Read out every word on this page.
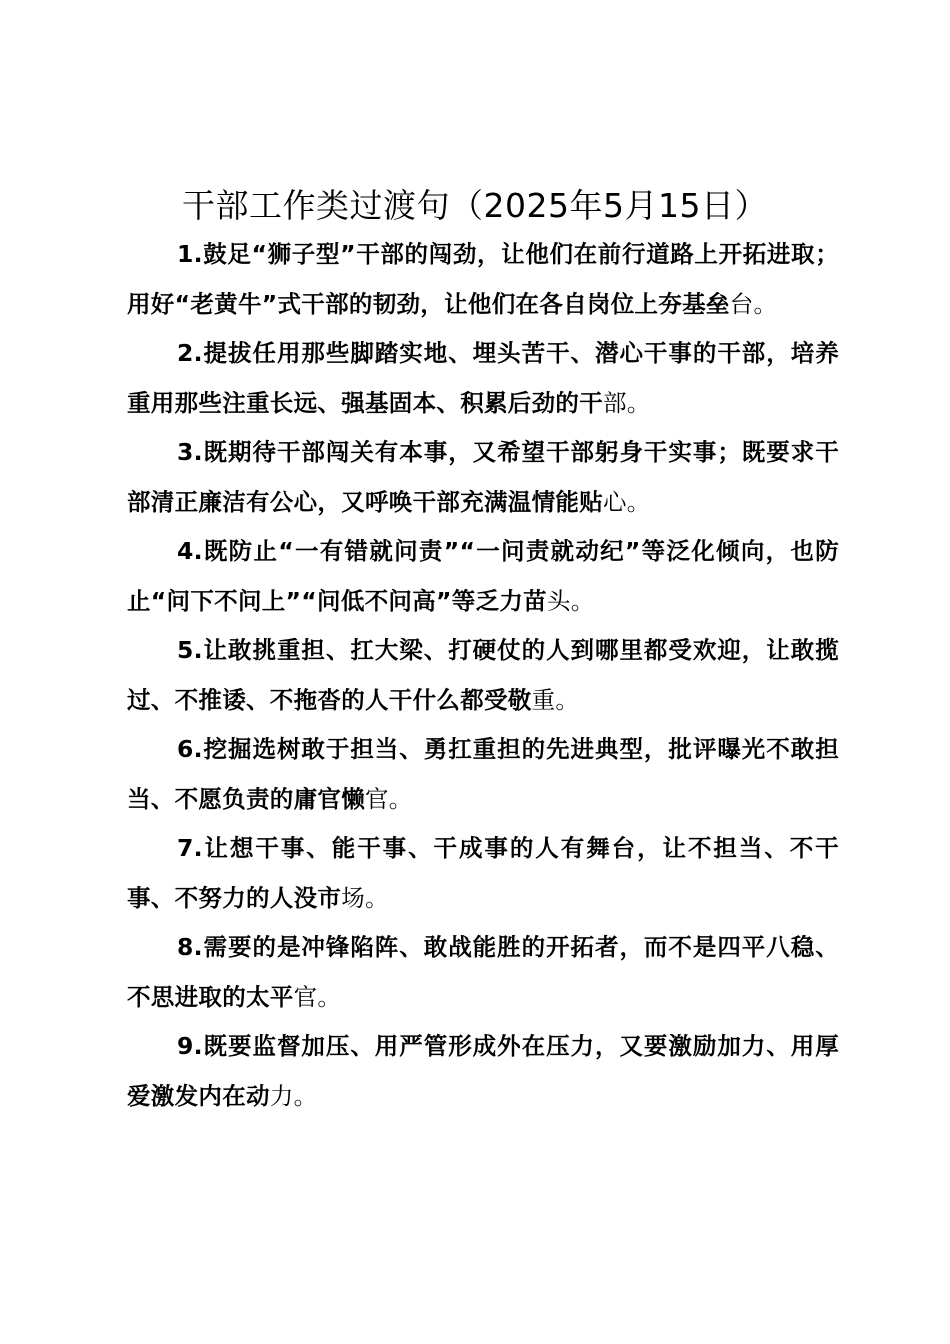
干部工作类过渡句（2025年5月15日）

1.鼓足“狮子型”干部的闯劲，让他们在前行道路上开拓进取；用好“老黄牛”式干部的韧劲，让他们在各自岗位上夯基垒台。

2.提拔任用那些脚踏实地、埋头苦干、潜心干事的干部，培养重用那些注重长远、强基固本、积累后劲的干部。

3.既期待干部闯关有本事，又希望干部躬身干实事；既要求干部清正廉洁有公心，又呼唤干部充满温情能贴心。

4.既防止“一有错就问责”“一问责就动纪”等泛化倾向，也防止“问下不问上”“问低不问高”等乏力苗头。

5.让敢挑重担、扛大梁、打硬仗的人到哪里都受欢迎，让敢揽过、不推诿、不拖沓的人干什么都受敬重。

6.挖掘选树敢于担当、勇扛重担的先进典型，批评曝光不敢担当、不愿负责的庸官懒官。

7.让想干事、能干事、干成事的人有舞台，让不担当、不干事、不努力的人没市场。

8.需要的是冲锋陷阵、敢战能胜的开拓者，而不是四平八稳、不思进取的太平官。

9.既要监督加压、用严管形成外在压力，又要激励加力、用厚爱激发内在动力。
